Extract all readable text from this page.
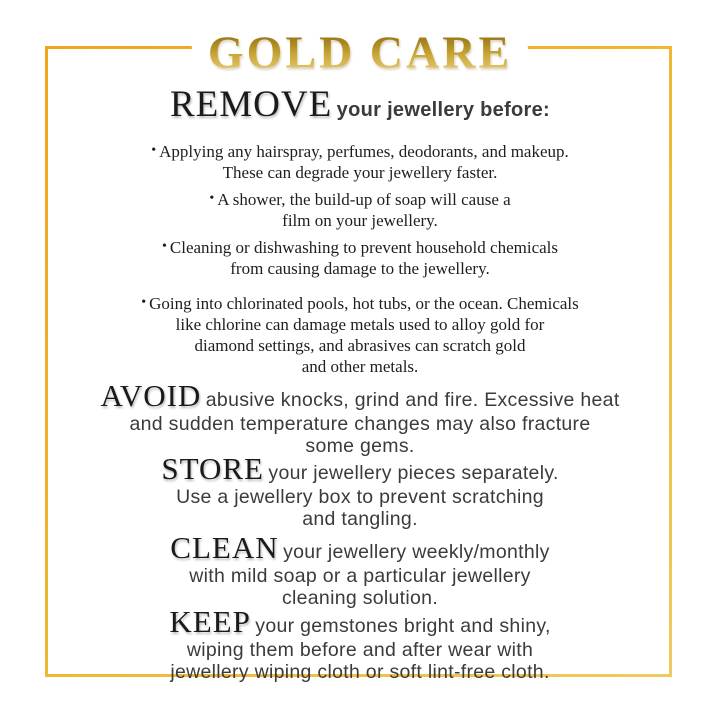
GOLD CARE

REMOVE your jewellery before:

• Applying any hairspray, perfumes, deodorants, and makeup.
These can degrade your jewellery faster.

• A shower, the build-up of soap will cause a
film on your jewellery.

• Cleaning or dishwashing to prevent household chemicals
from causing damage to the jewellery.

• Going into chlorinated pools, hot tubs, or the ocean. Chemicals
like chlorine can damage metals used to alloy gold for
diamond settings, and abrasives can scratch gold
and other metals.

AVOID abusive knocks, grind and fire. Excessive heat
and sudden temperature changes may also fracture
some gems.

STORE your jewellery pieces separately.
Use a jewellery box to prevent scratching
and tangling.

CLEAN your jewellery weekly/monthly
with mild soap or a particular jewellery
cleaning solution.

KEEP your gemstones bright and shiny,
wiping them before and after wear with
jewellery wiping cloth or soft lint-free cloth.
